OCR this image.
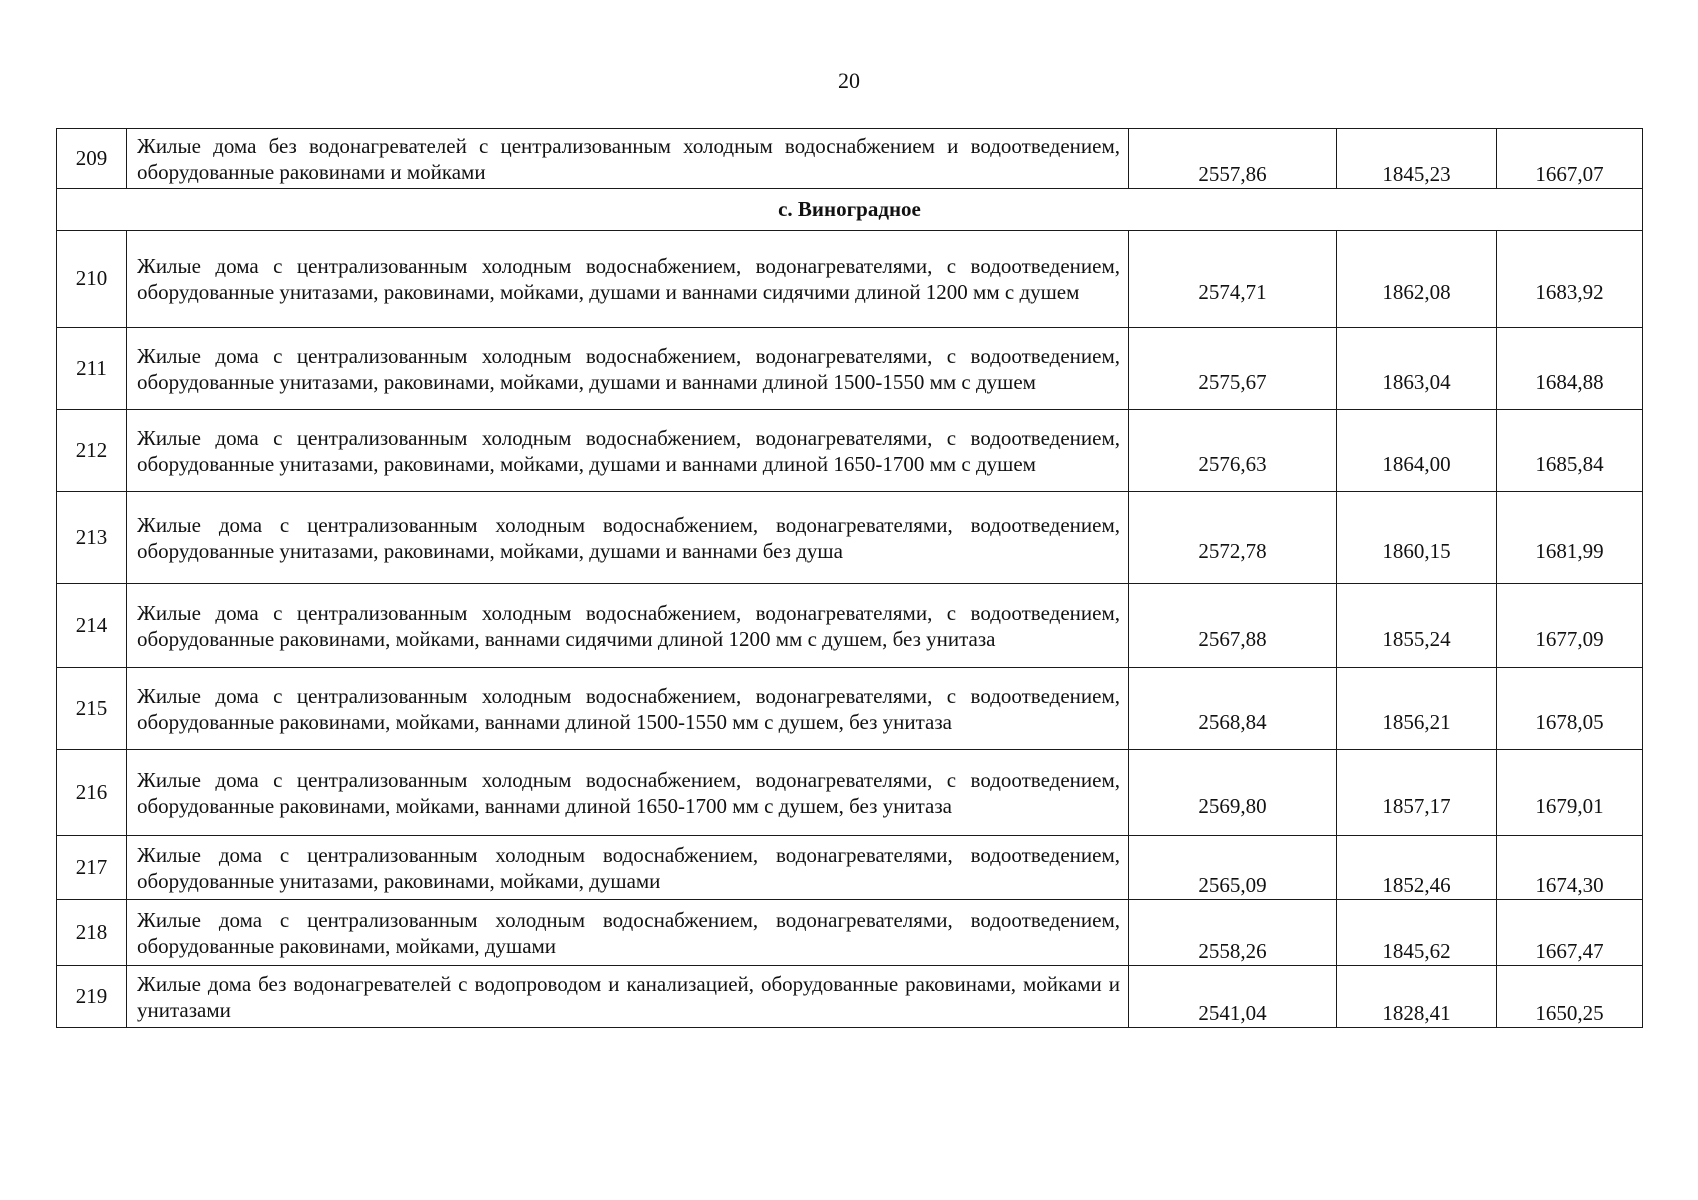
20
209	Жилые дома без водонагревателей с централизованным холодным водоснабжением и водоотведением, оборудованные раковинами и мойками	2557,86	1845,23	1667,07
с. Виноградное				
210	Жилые дома с централизованным холодным водоснабжением, водонагревателями, с водоотведением, оборудованные унитазами, раковинами, мойками, душами и ваннами сидячими длиной 1200 мм с душем	2574,71	1862,08	1683,92
211	Жилые дома с централизованным холодным водоснабжением, водонагревателями, с водоотведением, оборудованные унитазами, раковинами, мойками, душами и ваннами длиной 1500-1550 мм с душем	2575,67	1863,04	1684,88
212	Жилые дома с централизованным холодным водоснабжением, водонагревателями, с водоотведением, оборудованные унитазами, раковинами, мойками, душами и ваннами длиной 1650-1700 мм с душем	2576,63	1864,00	1685,84
213	Жилые дома с централизованным холодным водоснабжением, водонагревателями, водоотведением, оборудованные унитазами, раковинами, мойками, душами и ваннами без душа	2572,78	1860,15	1681,99
214	Жилые дома с централизованным холодным водоснабжением, водонагревателями, с водоотведением, оборудованные раковинами, мойками, ваннами сидячими длиной 1200 мм с душем, без унитаза	2567,88	1855,24	1677,09
215	Жилые дома с централизованным холодным водоснабжением, водонагревателями, с водоотведением, оборудованные раковинами, мойками, ваннами длиной 1500-1550 мм с душем, без унитаза	2568,84	1856,21	1678,05
216	Жилые дома с централизованным холодным водоснабжением, водонагревателями, с водоотведением, оборудованные раковинами, мойками, ваннами длиной 1650-1700 мм с душем, без унитаза	2569,80	1857,17	1679,01
217	Жилые дома с централизованным холодным водоснабжением, водонагревателями, водоотведением, оборудованные унитазами, раковинами, мойками, душами	2565,09	1852,46	1674,30
218	Жилые дома с централизованным холодным водоснабжением, водонагревателями, водоотведением, оборудованные раковинами, мойками, душами	2558,26	1845,62	1667,47
219	Жилые дома без водонагревателей с водопроводом и канализацией, оборудованные раковинами, мойками и унитазами	2541,04	1828,41	1650,25
